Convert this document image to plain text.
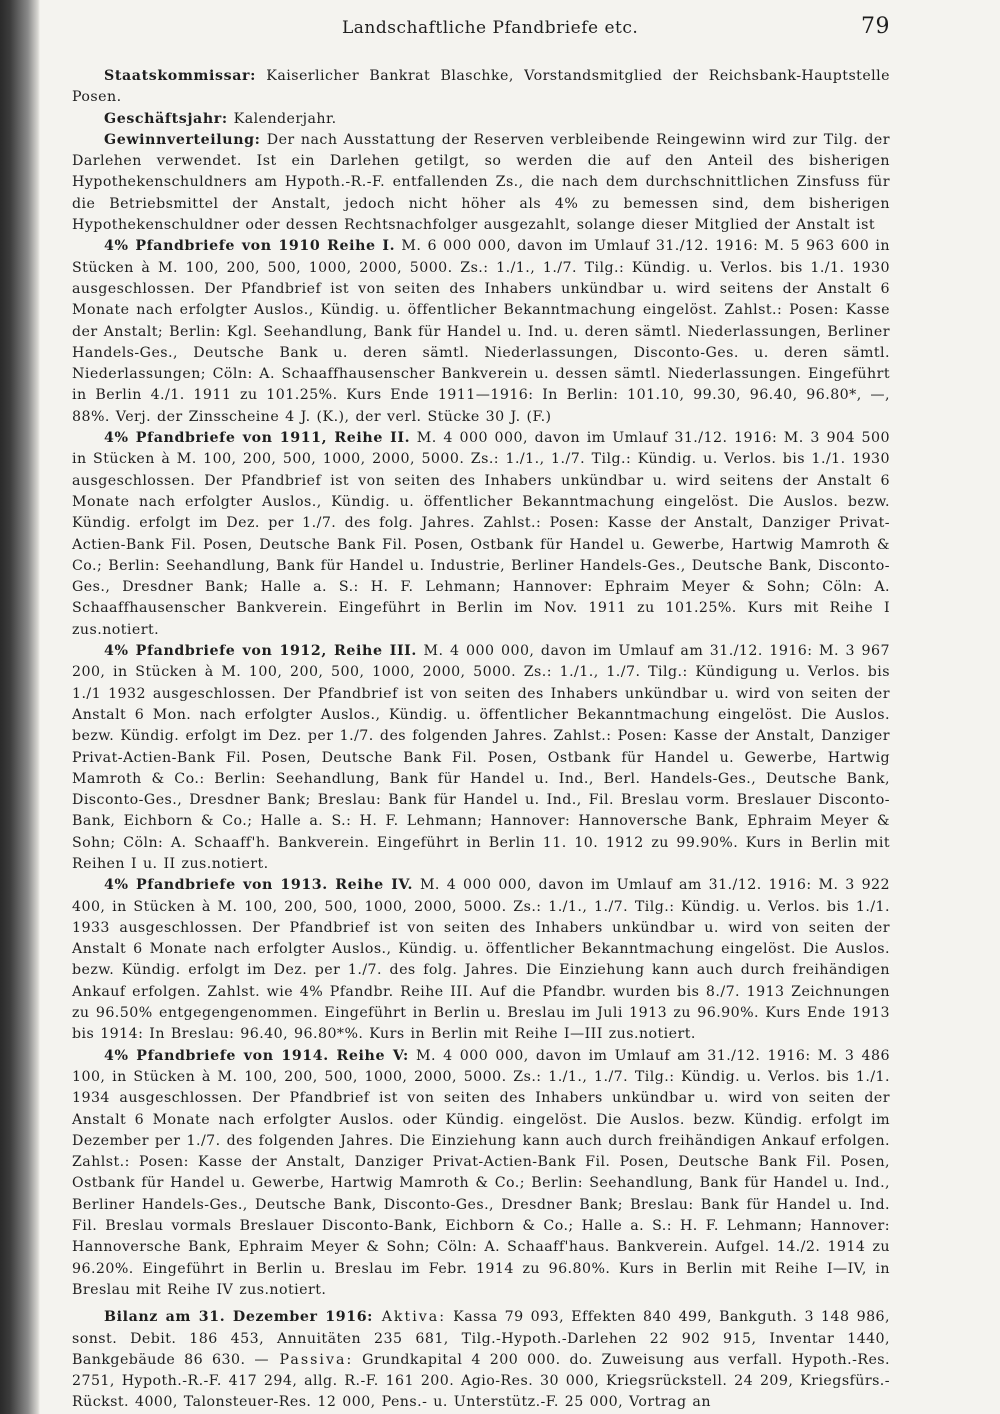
Landschaftliche Pfandbriefe etc.	79

Staatskommissar: Kaiserlicher Bankrat Blaschke, Vorstandsmitglied der Reichsbank-Hauptstelle Posen.

Geschäftsjahr: Kalenderjahr.

Gewinnverteilung: Der nach Ausstattung der Reserven verbleibende Reingewinn wird zur Tilg. der Darlehen verwendet. Ist ein Darlehen getilgt, so werden die auf den Anteil des bisherigen Hypothekenschuldners am Hypoth.-R.-F. entfallenden Zs., die nach dem durchschnittlichen Zinsfuss für die Betriebsmittel der Anstalt, jedoch nicht höher als 4% zu bemessen sind, dem bisherigen Hypothekenschuldner oder dessen Rechtsnachfolger ausgezahlt, solange dieser Mitglied der Anstalt ist

4% Pfandbriefe von 1910 Reihe I. M. 6 000 000, davon im Umlauf 31./12. 1916: M. 5 963 600 in Stücken à M. 100, 200, 500, 1000, 2000, 5000. Zs.: 1./1., 1./7. Tilg.: Kündig. u. Verlos. bis 1./1. 1930 ausgeschlossen. Der Pfandbrief ist von seiten des Inhabers unkündbar u. wird seitens der Anstalt 6 Monate nach erfolgter Auslos., Kündig. u. öffentlicher Bekanntmachung eingelöst. Zahlst.: Posen: Kasse der Anstalt; Berlin: Kgl. Seehandlung, Bank für Handel u. Ind. u. deren sämtl. Niederlassungen, Berliner Handels-Ges., Deutsche Bank u. deren sämtl. Niederlassungen, Disconto-Ges. u. deren sämtl. Niederlassungen; Cöln: A. Schaaffhausenscher Bankverein u. dessen sämtl. Niederlassungen. Eingeführt in Berlin 4./1. 1911 zu 101.25%. Kurs Ende 1911—1916: In Berlin: 101.10, 99.30, 96.40, 96.80*, —, 88%. Verj. der Zinsscheine 4 J. (K.), der verl. Stücke 30 J. (F.)

4% Pfandbriefe von 1911, Reihe II. M. 4 000 000, davon im Umlauf 31./12. 1916: M. 3 904 500 in Stücken à M. 100, 200, 500, 1000, 2000, 5000. Zs.: 1./1., 1./7. Tilg.: Kündig. u. Verlos. bis 1./1. 1930 ausgeschlossen. Der Pfandbrief ist von seiten des Inhabers unkündbar u. wird seitens der Anstalt 6 Monate nach erfolgter Auslos., Kündig. u. öffentlicher Bekanntmachung eingelöst. Die Auslos. bezw. Kündig. erfolgt im Dez. per 1./7. des folg. Jahres. Zahlst.: Posen: Kasse der Anstalt, Danziger Privat-Actien-Bank Fil. Posen, Deutsche Bank Fil. Posen, Ostbank für Handel u. Gewerbe, Hartwig Mamroth & Co.; Berlin: Seehandlung, Bank für Handel u. Industrie, Berliner Handels-Ges., Deutsche Bank, Disconto-Ges., Dresdner Bank; Halle a. S.: H. F. Lehmann; Hannover: Ephraim Meyer & Sohn; Cöln: A. Schaaffhausenscher Bankverein. Eingeführt in Berlin im Nov. 1911 zu 101.25%. Kurs mit Reihe I zus.notiert.

4% Pfandbriefe von 1912, Reihe III. M. 4 000 000, davon im Umlauf am 31./12. 1916: M. 3 967 200, in Stücken à M. 100, 200, 500, 1000, 2000, 5000. Zs.: 1./1., 1./7. Tilg.: Kündigung u. Verlos. bis 1./1 1932 ausgeschlossen. Der Pfandbrief ist von seiten des Inhabers unkündbar u. wird von seiten der Anstalt 6 Mon. nach erfolgter Auslos., Kündig. u. öffentlicher Bekanntmachung eingelöst. Die Auslos. bezw. Kündig. erfolgt im Dez. per 1./7. des folgenden Jahres. Zahlst.: Posen: Kasse der Anstalt, Danziger Privat-Actien-Bank Fil. Posen, Deutsche Bank Fil. Posen, Ostbank für Handel u. Gewerbe, Hartwig Mamroth & Co.: Berlin: Seehandlung, Bank für Handel u. Ind., Berl. Handels-Ges., Deutsche Bank, Disconto-Ges., Dresdner Bank; Breslau: Bank für Handel u. Ind., Fil. Breslau vorm. Breslauer Disconto-Bank, Eichborn & Co.; Halle a. S.: H. F. Lehmann; Hannover: Hannoversche Bank, Ephraim Meyer & Sohn; Cöln: A. Schaaff'h. Bankverein. Eingeführt in Berlin 11. 10. 1912 zu 99.90%. Kurs in Berlin mit Reihen I u. II zus.notiert.

4% Pfandbriefe von 1913. Reihe IV. M. 4 000 000, davon im Umlauf am 31./12. 1916: M. 3 922 400, in Stücken à M. 100, 200, 500, 1000, 2000, 5000. Zs.: 1./1., 1./7. Tilg.: Kündig. u. Verlos. bis 1./1. 1933 ausgeschlossen. Der Pfandbrief ist von seiten des Inhabers unkündbar u. wird von seiten der Anstalt 6 Monate nach erfolgter Auslos., Kündig. u. öffentlicher Bekanntmachung eingelöst. Die Auslos. bezw. Kündig. erfolgt im Dez. per 1./7. des folg. Jahres. Die Einziehung kann auch durch freihändigen Ankauf erfolgen. Zahlst. wie 4% Pfandbr. Reihe III. Auf die Pfandbr. wurden bis 8./7. 1913 Zeichnungen zu 96.50% entgegengenommen. Eingeführt in Berlin u. Breslau im Juli 1913 zu 96.90%. Kurs Ende 1913 bis 1914: In Breslau: 96.40, 96.80*%. Kurs in Berlin mit Reihe I—III zus.notiert.

4% Pfandbriefe von 1914. Reihe V: M. 4 000 000, davon im Umlauf am 31./12. 1916: M. 3 486 100, in Stücken à M. 100, 200, 500, 1000, 2000, 5000. Zs.: 1./1., 1./7. Tilg.: Kündig. u. Verlos. bis 1./1. 1934 ausgeschlossen. Der Pfandbrief ist von seiten des Inhabers unkündbar u. wird von seiten der Anstalt 6 Monate nach erfolgter Auslos. oder Kündig. eingelöst. Die Auslos. bezw. Kündig. erfolgt im Dezember per 1./7. des folgenden Jahres. Die Einziehung kann auch durch freihändigen Ankauf erfolgen. Zahlst.: Posen: Kasse der Anstalt, Danziger Privat-Actien-Bank Fil. Posen, Deutsche Bank Fil. Posen, Ostbank für Handel u. Gewerbe, Hartwig Mamroth & Co.; Berlin: Seehandlung, Bank für Handel u. Ind., Berliner Handels-Ges., Deutsche Bank, Disconto-Ges., Dresdner Bank; Breslau: Bank für Handel u. Ind. Fil. Breslau vormals Breslauer Disconto-Bank, Eichborn & Co.; Halle a. S.: H. F. Lehmann; Hannover: Hannoversche Bank, Ephraim Meyer & Sohn; Cöln: A. Schaaff'haus. Bankverein. Aufgel. 14./2. 1914 zu 96.20%. Eingeführt in Berlin u. Breslau im Febr. 1914 zu 96.80%. Kurs in Berlin mit Reihe I—IV, in Breslau mit Reihe IV zus.notiert.

Bilanz am 31. Dezember 1916: Aktiva: Kassa 79 093, Effekten 840 499, Bankguth. 3 148 986, sonst. Debit. 186 453, Annuitäten 235 681, Tilg.-Hypoth.-Darlehen 22 902 915, Inventar 1440, Bankgebäude 86 630. — Passiva: Grundkapital 4 200 000. do. Zuweisung aus verfall. Hypoth.-Res. 2751, Hypoth.-R.-F. 417 294, allg. R.-F. 161 200. Agio-Res. 30 000, Kriegsrückstell. 24 209, Kriegsfürs.-Rückst. 4000, Talonsteuer-Res. 12 000, Pens.- u. Unterstütz.-F. 25 000, Vortrag an
